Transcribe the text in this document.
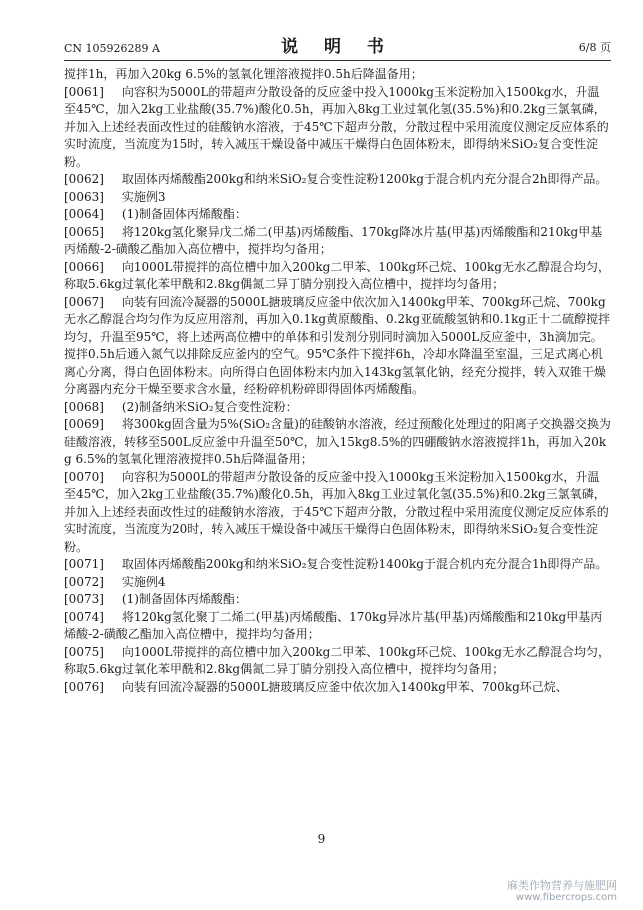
CN 105926289 A	说 明 书	6/8 页

搅拌1h，再加入20kg 6.5%的氢氧化锂溶液搅拌0.5h后降温备用；

[0061] 向容积为5000L的带超声分散设备的反应釜中投入1000kg玉米淀粉加入1500kg水，升温至45℃，加入2kg工业盐酸(35.7%)酸化0.5h，再加入8kg工业过氧化氢(35.5%)和0.2kg三氯氧磷，并加入上述经表面改性过的硅酸钠水溶液，于45℃下超声分散，分散过程中采用流度仪测定反应体系的实时流度，当流度为15时，转入减压干燥设备中减压干燥得白色固体粉末，即得纳米SiO₂复合变性淀粉。

[0062] 取固体丙烯酸酯200kg和纳米SiO₂复合变性淀粉1200kg于混合机内充分混合2h即得产品。

[0063] 实施例3

[0064] (1)制备固体丙烯酸酯：

[0065] 将120kg氢化聚异戊二烯二(甲基)丙烯酸酯、170kg降冰片基(甲基)丙烯酸酯和210kg甲基丙烯酸-2-磺酸乙酯加入高位槽中，搅拌均匀备用；

[0066] 向1000L带搅拌的高位槽中加入200kg二甲苯、100kg环己烷、100kg无水乙醇混合均匀，称取5.6kg过氧化苯甲酰和2.8kg偶氮二异丁腈分别投入高位槽中，搅拌均匀备用；

[0067] 向装有回流冷凝器的5000L搪玻璃反应釜中依次加入1400kg甲苯、700kg环己烷、700kg无水乙醇混合均匀作为反应用溶剂，再加入0.1kg黄原酸酯、0.2kg亚硫酸氢钠和0.1kg正十二硫醇搅拌均匀，升温至95℃，将上述两高位槽中的单体和引发剂分别同时滴加入5000L反应釜中，3h滴加完。搅拌0.5h后通入氮气以排除反应釜内的空气。95℃条件下搅拌6h，冷却水降温至室温，三足式离心机离心分离，得白色固体粉末。向所得白色固体粉末内加入143kg氢氧化钠，经充分搅拌，转入双锥干燥分离器内充分干燥至要求含水量，经粉碎机粉碎即得固体丙烯酸酯。

[0068] (2)制备纳米SiO₂复合变性淀粉：

[0069] 将300kg固含量为5%(SiO₂含量)的硅酸钠水溶液，经过预酸化处理过的阳离子交换器交换为硅酸溶液，转移至500L反应釜中升温至50℃，加入15kg8.5%的四硼酸钠水溶液搅拌1h，再加入20kg 6.5%的氢氧化锂溶液搅拌0.5h后降温备用；

[0070] 向容积为5000L的带超声分散设备的反应釜中投入1000kg玉米淀粉加入1500kg水，升温至45℃，加入2kg工业盐酸(35.7%)酸化0.5h，再加入8kg工业过氧化氢(35.5%)和0.2kg三氯氧磷，并加入上述经表面改性过的硅酸钠水溶液，于45℃下超声分散，分散过程中采用流度仪测定反应体系的实时流度，当流度为20时，转入减压干燥设备中减压干燥得白色固体粉末，即得纳米SiO₂复合变性淀粉。

[0071] 取固体丙烯酸酯200kg和纳米SiO₂复合变性淀粉1400kg于混合机内充分混合1h即得产品。

[0072] 实施例4

[0073] (1)制备固体丙烯酸酯：

[0074] 将120kg氢化聚丁二烯二(甲基)丙烯酸酯、170kg异冰片基(甲基)丙烯酸酯和210kg甲基丙烯酸-2-磺酸乙酯加入高位槽中，搅拌均匀备用；

[0075] 向1000L带搅拌的高位槽中加入200kg二甲苯、100kg环己烷、100kg无水乙醇混合均匀，称取5.6kg过氧化苯甲酰和2.8kg偶氮二异丁腈分别投入高位槽中，搅拌均匀备用；

[0076] 向装有回流冷凝器的5000L搪玻璃反应釜中依次加入1400kg甲苯、700kg环己烷、

9
麻类作物营养与施肥网
www.fibercrops.com
